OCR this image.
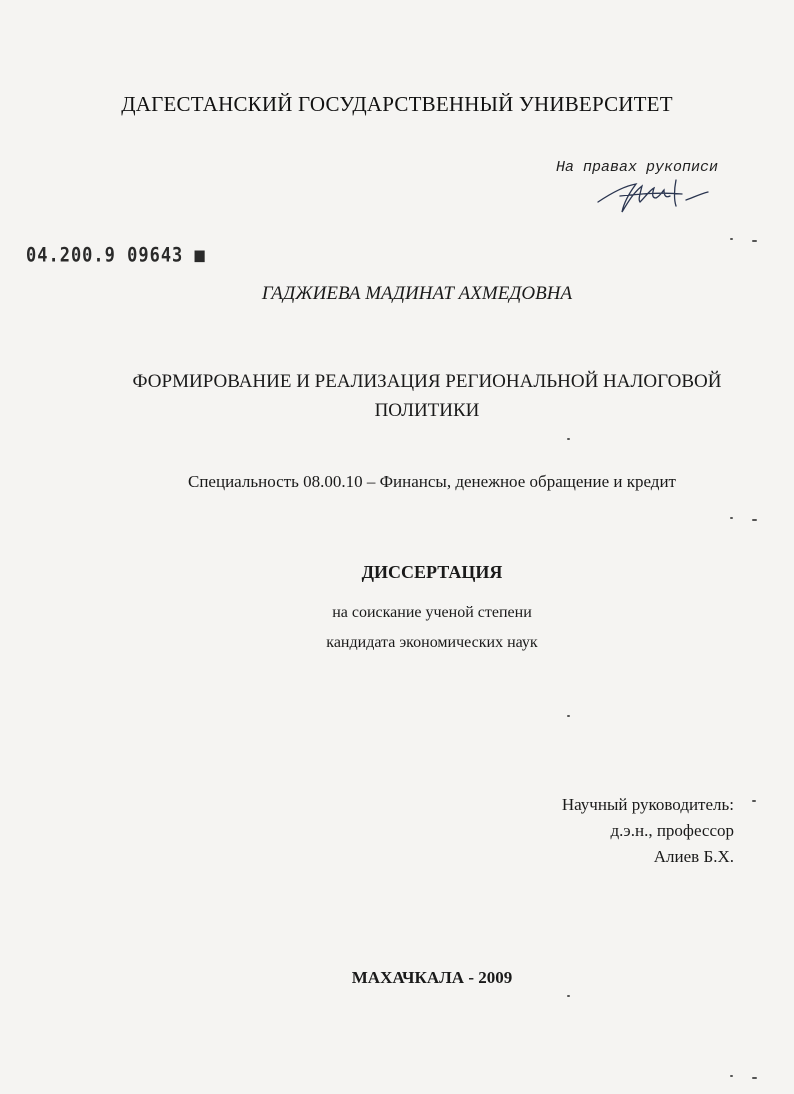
ДАГЕСТАНСКИЙ ГОСУДАРСТВЕННЫЙ УНИВЕРСИТЕТ
На правах рукописи
04.200.9 09643 ■
ГАДЖИЕВА МАДИНАТ АХМЕДОВНА
ФОРМИРОВАНИЕ И РЕАЛИЗАЦИЯ РЕГИОНАЛЬНОЙ НАЛОГОВОЙ
ПОЛИТИКИ
Специальность 08.00.10 – Финансы, денежное обращение и кредит
ДИССЕРТАЦИЯ
на соискание ученой степени
кандидата экономических наук
Научный руководитель:
д.э.н., профессор
Алиев Б.Х.
МАХАЧКАЛА - 2009
